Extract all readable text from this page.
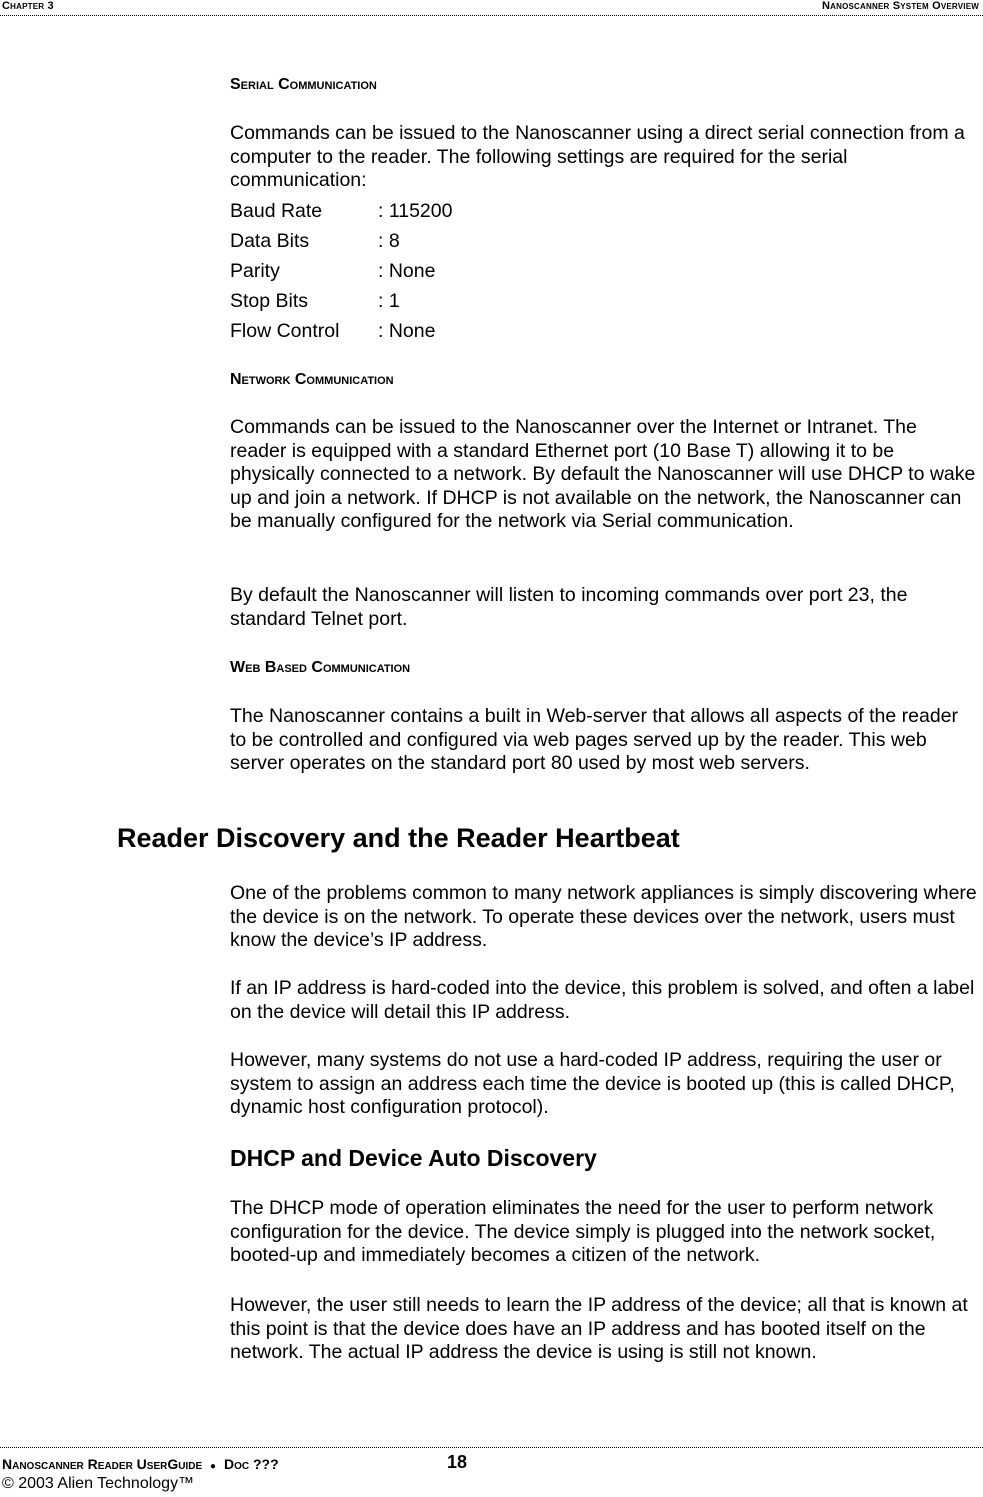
Chapter 3	Nanoscanner System Overview
Serial Communication
Commands can be issued to the Nanoscanner using a direct serial connection from a computer to the reader. The following settings are required for the serial communication:
Baud Rate	: 115200
Data Bits	: 8
Parity	: None
Stop Bits	: 1
Flow Control	: None
Network Communication
Commands can be issued to the Nanoscanner over the Internet or Intranet. The reader is equipped with a standard Ethernet port (10 Base T) allowing it to be physically connected to a network. By default the Nanoscanner will use DHCP to wake up and join a network. If DHCP is not available on the network, the Nanoscanner can be manually configured for the network via Serial communication.
By default the Nanoscanner will listen to incoming commands over port 23, the standard Telnet port.
Web Based Communication
The Nanoscanner contains a built in Web-server that allows all aspects of the reader to be controlled and configured via web pages served up by the reader. This web server operates on the standard port 80 used by most web servers.
Reader Discovery and the Reader Heartbeat
One of the problems common to many network appliances is simply discovering where the device is on the network. To operate these devices over the network, users must know the device’s IP address.
If an IP address is hard-coded into the device, this problem is solved, and often a label on the device will detail this IP address.
However, many systems do not use a hard-coded IP address, requiring the user or system to assign an address each time the device is booted up (this is called DHCP, dynamic host configuration protocol).
DHCP and Device Auto Discovery
The DHCP mode of operation eliminates the need for the user to perform network configuration for the device. The device simply is plugged into the network socket, booted-up and immediately becomes a citizen of the network.
However, the user still needs to learn the IP address of the device; all that is known at this point is that the device does have an IP address and has booted itself on the network. The actual IP address the device is using is still not known.
Nanoscanner Reader UserGuide ● Doc ???	18
© 2003 Alien Technology™
